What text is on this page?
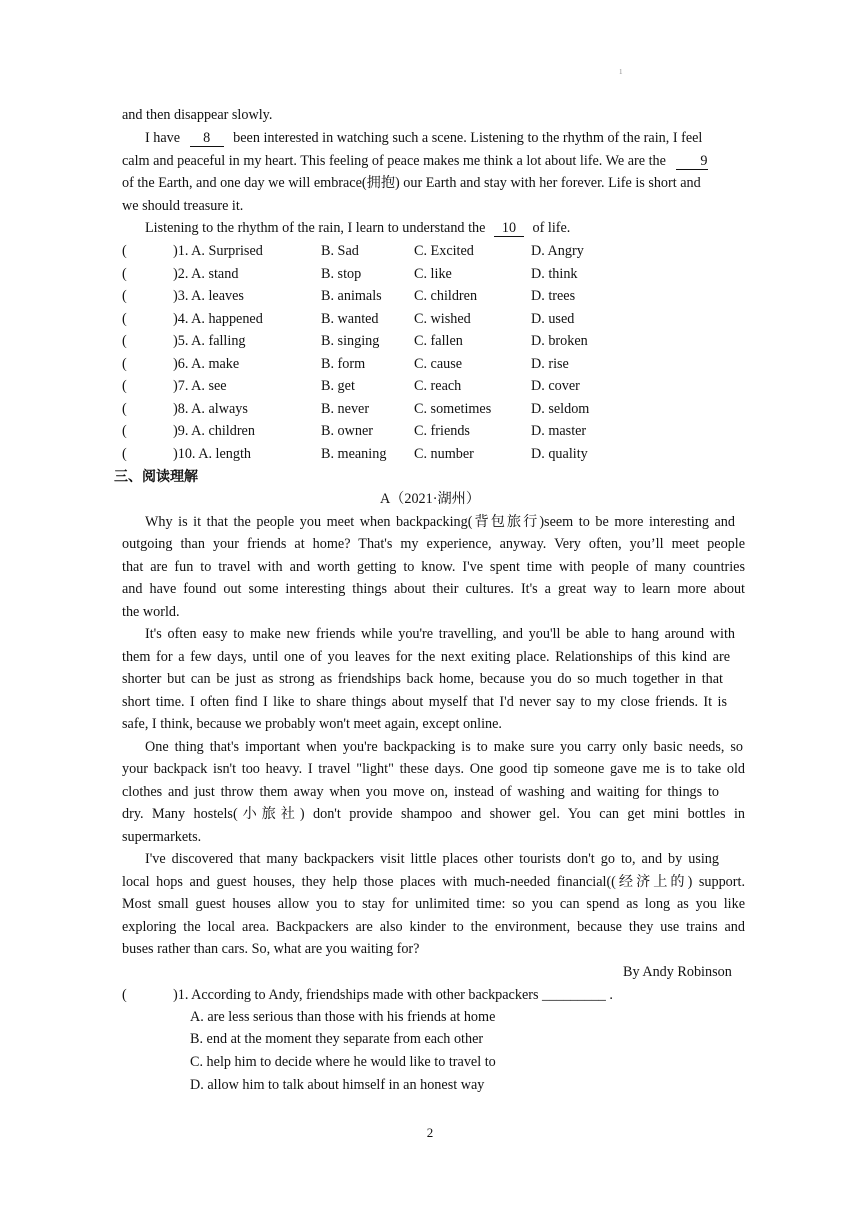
1
and then disappear slowly.
I have 8 been interested in watching such a scene. Listening to the rhythm of the rain, I feel
calm and peaceful in my heart. This feeling of peace makes me think a lot about life. We are the 9
of the Earth, and one day we will embrace(拥抱) our Earth and stay with her forever. Life is short and
we should treasure it.
Listening to the rhythm of the rain, I learn to understand the 10 of life.
(	)1. A. Surprised	B. Sad	C. Excited	D. Angry
(	)2. A. stand	B. stop	C. like	D. think
(	)3. A. leaves	B. animals C. children	D. trees
(	)4. A. happened	B. wanted C. wished	D. used
(	)5. A. falling	B. singing C. fallen	D. broken
(	)6. A. make	B. form	C. cause	D. rise
(	)7. A. see	B. get	C. reach	D. cover
(	)8. A. always	B. never	C. sometimes	D. seldom
(	)9. A. children	B. owner	C. friends	D. master
(	)10. A. length	B. meaning C. number	D. quality
三、阅读理解
A（2021·湖州）
Why is it that the people you meet when backpacking(背包旅行)seem to be more interesting and
outgoing than your friends at home? That's my experience, anyway. Very often, you’ll meet people
that are fun to travel with and worth getting to know. I've spent time with people of many countries
and have found out some interesting things about their cultures. It's a great way to learn more about
the world.
It's often easy to make new friends while you're travelling, and you'll be able to hang around with
them for a few days, until one of you leaves for the next exiting place. Relationships of this kind are
shorter but can be just as strong as friendships back home, because you do so much together in that
short time. I often find I like to share things about myself that I'd never say to my close friends. It is
safe, I think, because we probably won't meet again, except online.
One thing that's important when you're backpacking is to make sure you carry only basic needs, so
your backpack isn't too heavy. I travel "light" these days. One good tip someone gave me is to take old
clothes and just throw them away when you move on, instead of washing and waiting for things to
dry. Many hostels(小旅社) don't provide shampoo and shower gel. You can get mini bottles in
supermarkets.
I've discovered that many backpackers visit little places other tourists don't go to, and by using
local hops and guest houses, they help those places with much-needed financial((经济上的) support.
Most small guest houses allow you to stay for unlimited time: so you can spend as long as you like
exploring the local area. Backpackers are also kinder to the environment, because they use trains and
buses rather than cars. So, what are you waiting for?
By Andy Robinson
(	)1. According to Andy, friendships made with other backpackers _________ .
A. are less serious than those with his friends at home
B. end at the moment they separate from each other
C. help him to decide where he would like to travel to
D. allow him to talk about himself in an honest way
2
